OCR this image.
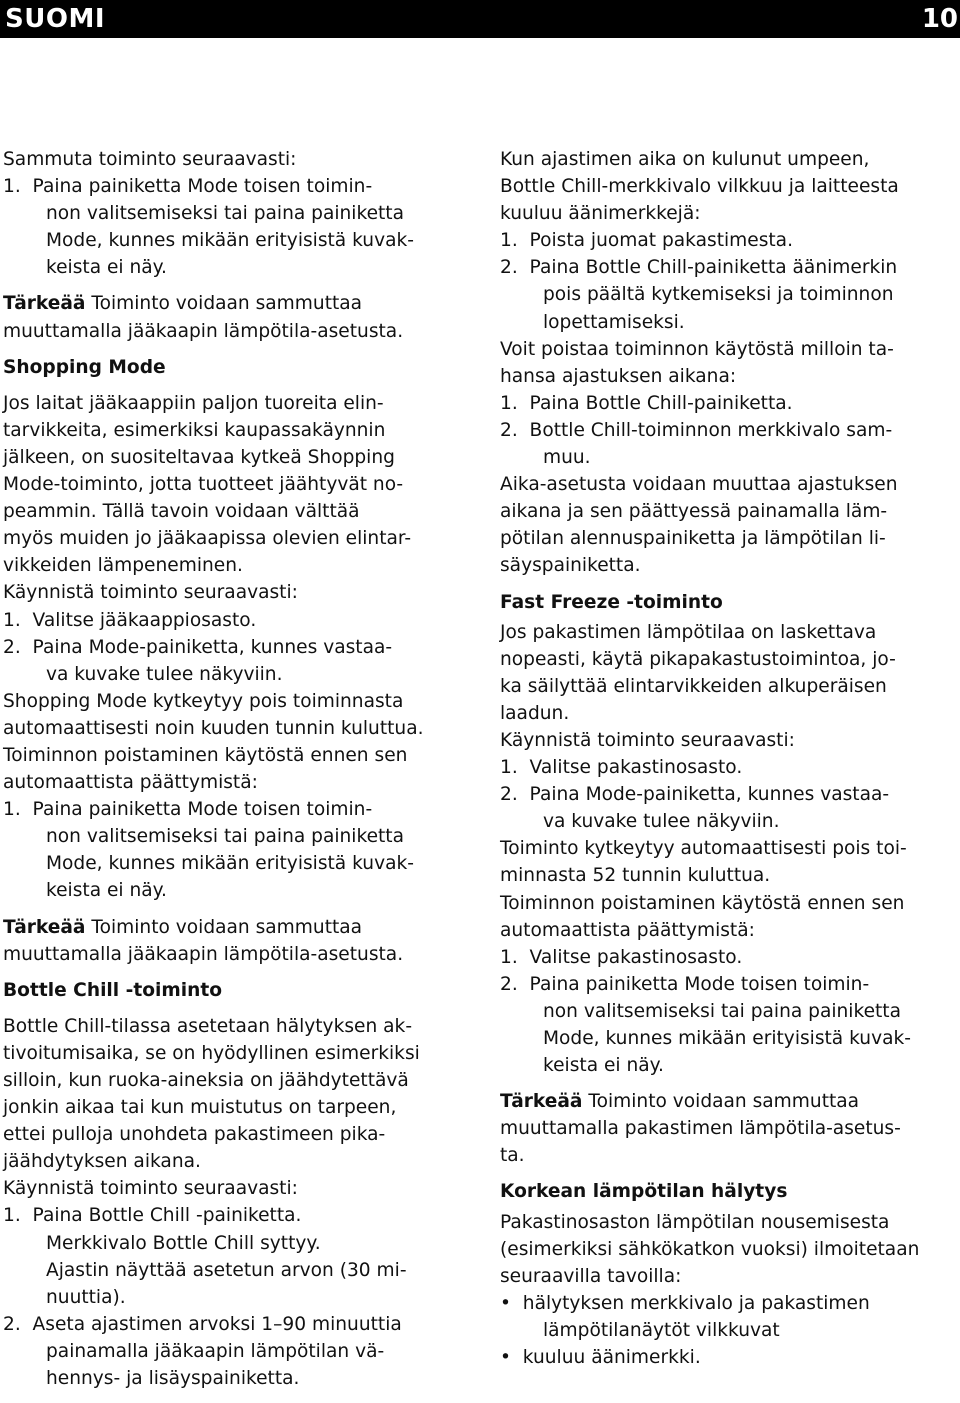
SUOMI	10
Sammuta toiminto seuraavasti:
1.  Paina painiketta Mode toisen toimin-
non valitsemiseksi tai paina painiketta
Mode, kunnes mikään erityisistä kuvak-
keista ei näy.
Tärkeää Toiminto voidaan sammuttaa
muuttamalla jääkaapin lämpötila-asetusta.
Shopping Mode
Jos laitat jääkaappiin paljon tuoreita elin-
tarvikkeita, esimerkiksi kaupassakäynnin
jälkeen, on suositeltavaa kytkeä Shopping
Mode-toiminto, jotta tuotteet jäähtyvät no-
peammin. Tällä tavoin voidaan välttää
myös muiden jo jääkaapissa olevien elintar-
vikkeiden lämpeneminen.
Käynnistä toiminto seuraavasti:
1.  Valitse jääkaappiosasto.
2.  Paina Mode-painiketta, kunnes vastaa-
va kuvake tulee näkyviin.
Shopping Mode kytkeytyy pois toiminnasta
automaattisesti noin kuuden tunnin kuluttua.
Toiminnon poistaminen käytöstä ennen sen
automaattista päättymistä:
1.  Paina painiketta Mode toisen toimin-
non valitsemiseksi tai paina painiketta
Mode, kunnes mikään erityisistä kuvak-
keista ei näy.
Tärkeää Toiminto voidaan sammuttaa
muuttamalla jääkaapin lämpötila-asetusta.
Bottle Chill -toiminto
Bottle Chill-tilassa asetetaan hälytyksen ak-
tivoitumisaika, se on hyödyllinen esimerkiksi
silloin, kun ruoka-aineksia on jäähdytettävä
jonkin aikaa tai kun muistutus on tarpeen,
ettei pulloja unohdeta pakastimeen pika-
jäähdytyksen aikana.
Käynnistä toiminto seuraavasti:
1.  Paina Bottle Chill -painiketta.
Merkkivalo Bottle Chill syttyy.
Ajastin näyttää asetetun arvon (30 mi-
nuuttia).
2.  Aseta ajastimen arvoksi 1–90 minuuttia
painamalla jääkaapin lämpötilan vä-
hennys- ja lisäyspainiketta.
Kun ajastimen aika on kulunut umpeen,
Bottle Chill-merkkivalo vilkkuu ja laitteesta
kuuluu äänimerkkejä:
1.  Poista juomat pakastimesta.
2.  Paina Bottle Chill-painiketta äänimerkin
pois päältä kytkemiseksi ja toiminnon
lopettamiseksi.
Voit poistaa toiminnon käytöstä milloin ta-
hansa ajastuksen aikana:
1.  Paina Bottle Chill-painiketta.
2.  Bottle Chill-toiminnon merkkivalo sam-
muu.
Aika-asetusta voidaan muuttaa ajastuksen
aikana ja sen päättyessä painamalla läm-
pötilan alennuspainiketta ja lämpötilan li-
säyspainiketta.
Fast Freeze -toiminto
Jos pakastimen lämpötilaa on laskettava
nopeasti, käytä pikapakastustoimintoa, jo-
ka säilyttää elintarvikkeiden alkuperäisen
laadun.
Käynnistä toiminto seuraavasti:
1.  Valitse pakastinosasto.
2.  Paina Mode-painiketta, kunnes vastaa-
va kuvake tulee näkyviin.
Toiminto kytkeytyy automaattisesti pois toi-
minnasta 52 tunnin kuluttua.
Toiminnon poistaminen käytöstä ennen sen
automaattista päättymistä:
1.  Valitse pakastinosasto.
2.  Paina painiketta Mode toisen toimin-
non valitsemiseksi tai paina painiketta
Mode, kunnes mikään erityisistä kuvak-
keista ei näy.
Tärkeää Toiminto voidaan sammuttaa
muuttamalla pakastimen lämpötila-asetus-
ta.
Korkean lämpötilan hälytys
Pakastinosaston lämpötilan nousemisesta
(esimerkiksi sähkökatkon vuoksi) ilmoitetaan
seuraavilla tavoilla:
•  hälytyksen merkkivalo ja pakastimen
lämpötilanäytöt vilkkuvat
•  kuuluu äänimerkki.
